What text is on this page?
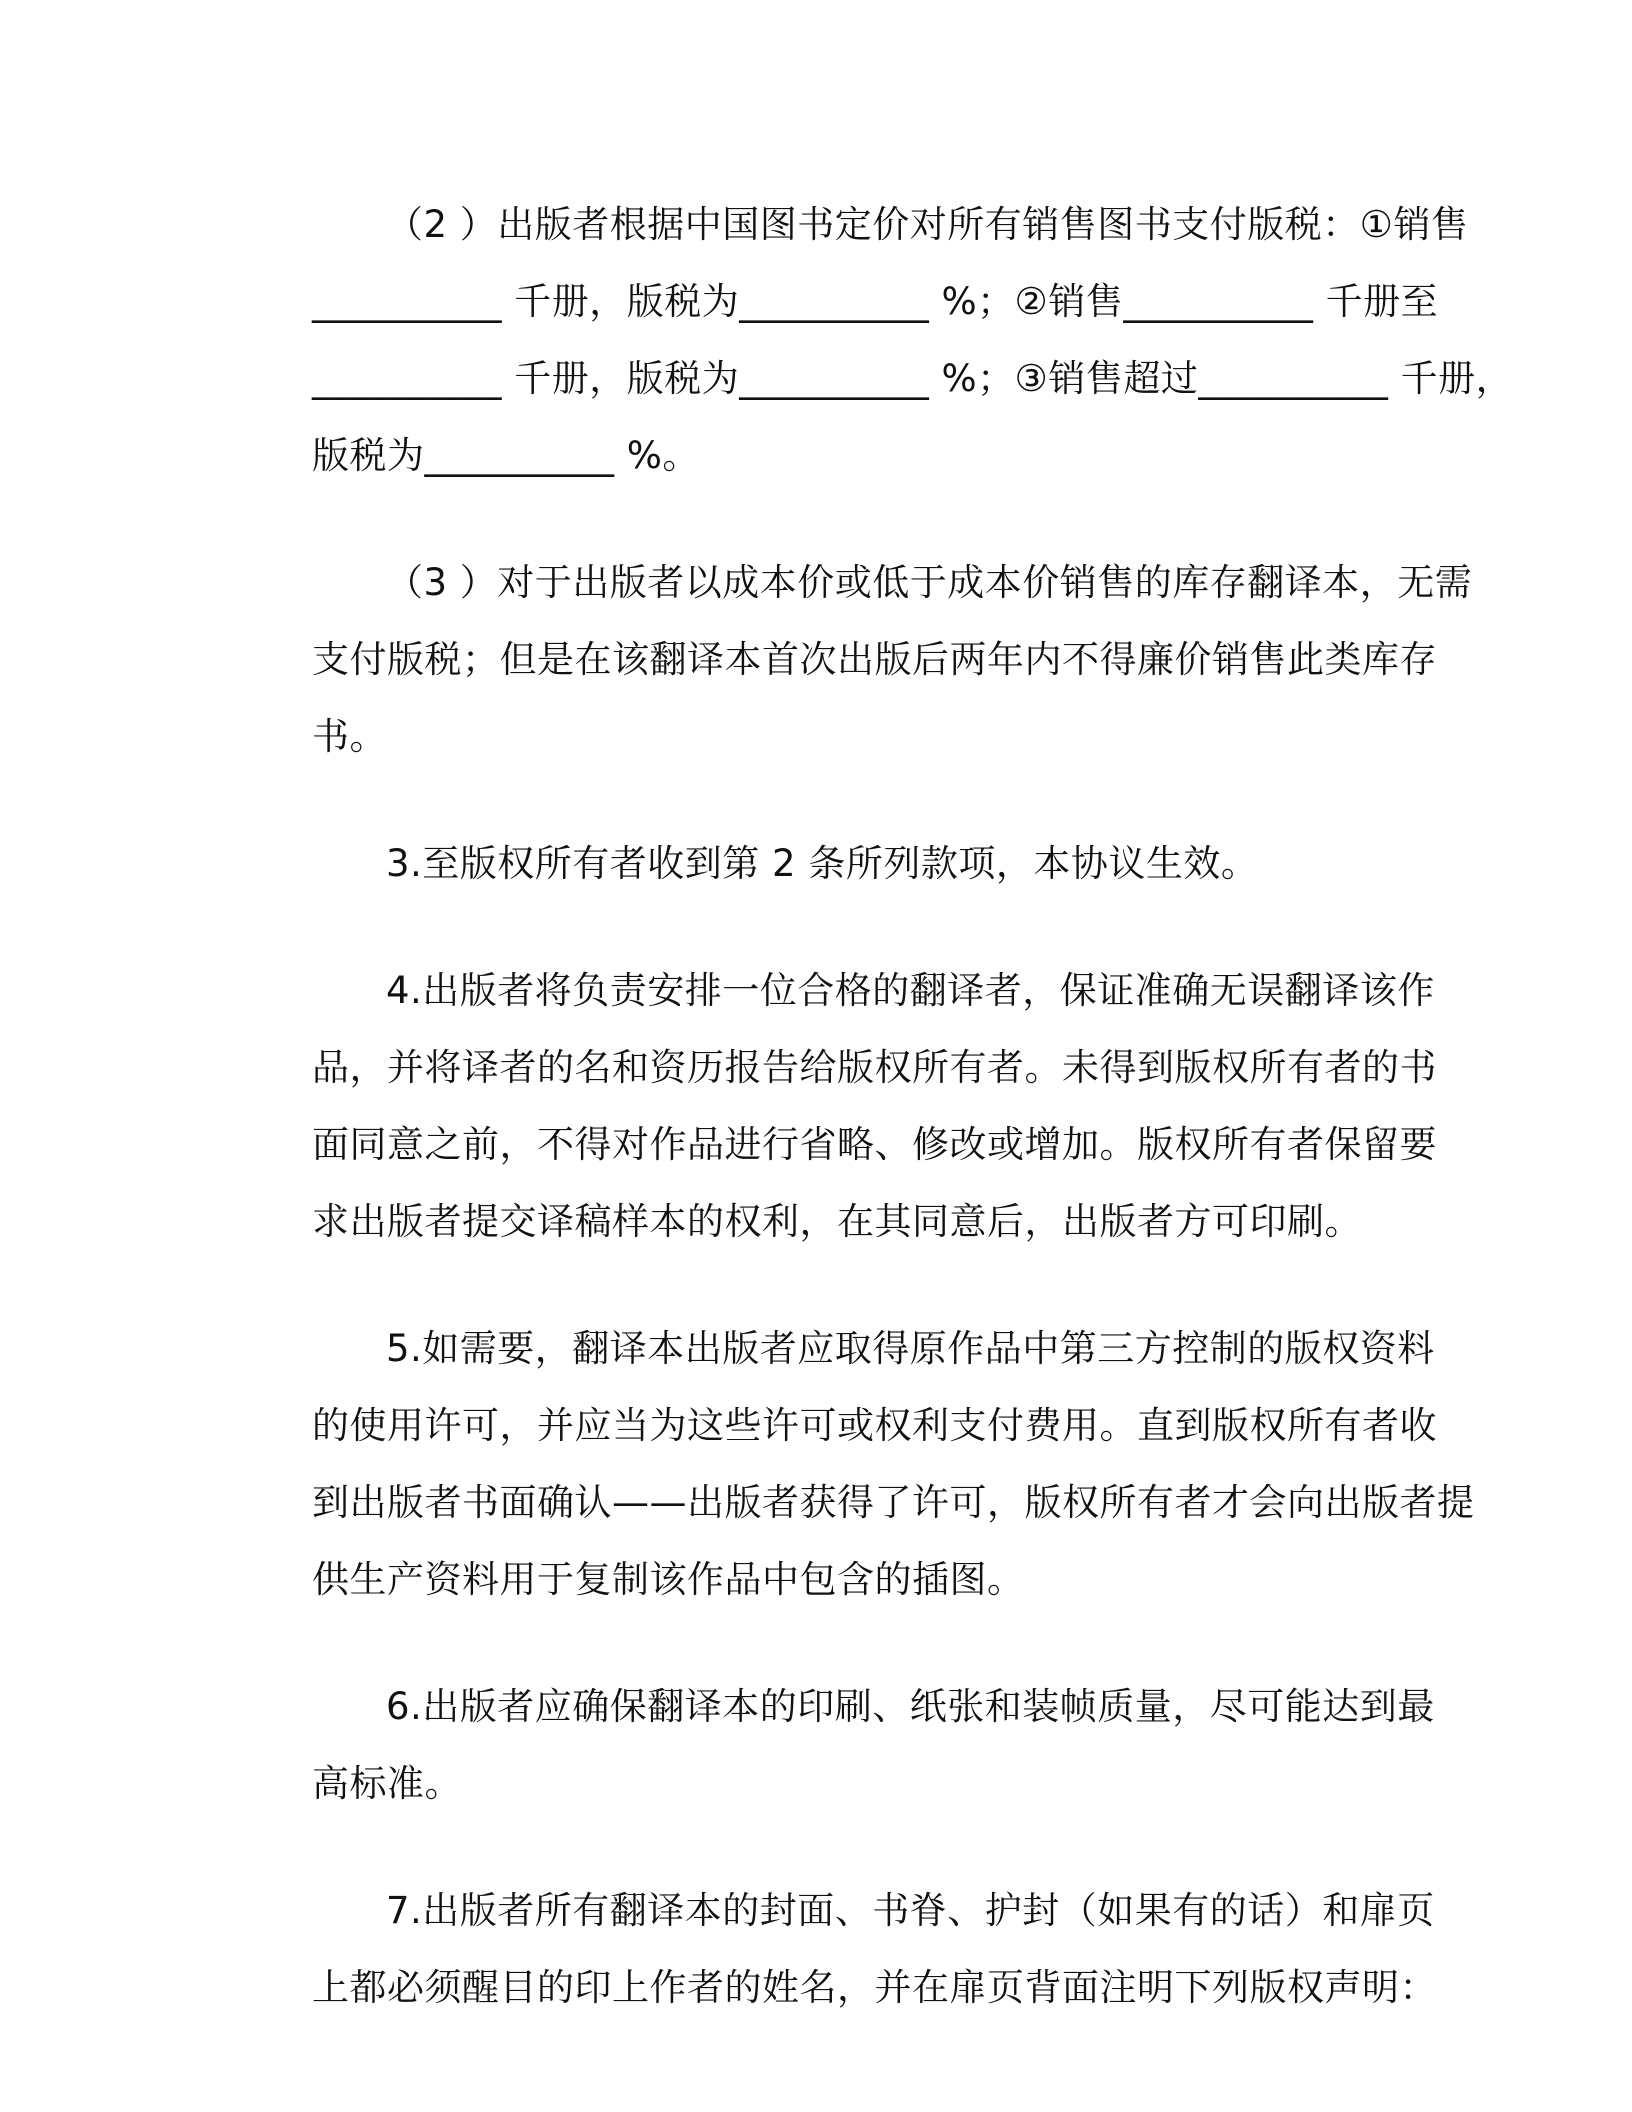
（2 ）出版者根据中国图书定价对所有销售图书支付版税：①销售
__________ 千册，版税为__________ %；②销售__________ 千册至
__________ 千册，版税为__________ %；③销售超过__________ 千册，
版税为__________ %。
（3 ）对于出版者以成本价或低于成本价销售的库存翻译本，无需
支付版税；但是在该翻译本首次出版后两年内不得廉价销售此类库存
书。
3.至版权所有者收到第 2 条所列款项，本协议生效。
4.出版者将负责安排一位合格的翻译者，保证准确无误翻译该作
品，并将译者的名和资历报告给版权所有者。未得到版权所有者的书
面同意之前，不得对作品进行省略、修改或增加。版权所有者保留要
求出版者提交译稿样本的权利，在其同意后，出版者方可印刷。
5.如需要，翻译本出版者应取得原作品中第三方控制的版权资料
的使用许可，并应当为这些许可或权利支付费用。直到版权所有者收
到出版者书面确认——出版者获得了许可，版权所有者才会向出版者提
供生产资料用于复制该作品中包含的插图。
6.出版者应确保翻译本的印刷、纸张和装帧质量，尽可能达到最
高标准。
7.出版者所有翻译本的封面、书脊、护封（如果有的话）和扉页
上都必须醒目的印上作者的姓名，并在扉页背面注明下列版权声明：
